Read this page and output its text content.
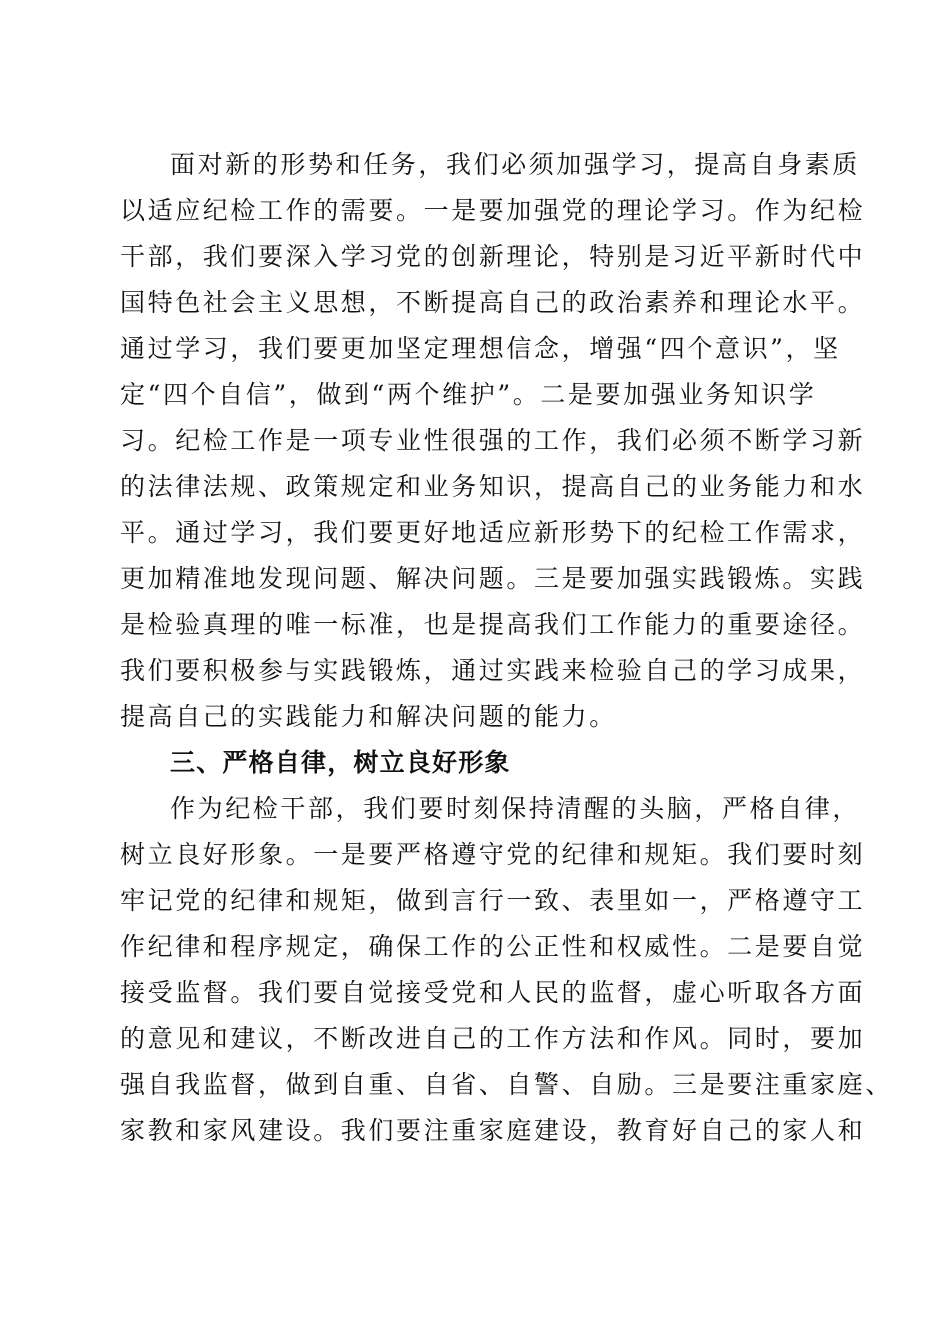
面对新的形势和任务，我们必须加强学习，提高自身素质
以适应纪检工作的需要。一是要加强党的理论学习。作为纪检
干部，我们要深入学习党的创新理论，特别是习近平新时代中
国特色社会主义思想，不断提高自己的政治素养和理论水平。
通过学习，我们要更加坚定理想信念，增强“四个意识”，坚
定“四个自信”，做到“两个维护”。二是要加强业务知识学
习。纪检工作是一项专业性很强的工作，我们必须不断学习新
的法律法规、政策规定和业务知识，提高自己的业务能力和水
平。通过学习，我们要更好地适应新形势下的纪检工作需求，
更加精准地发现问题、解决问题。三是要加强实践锻炼。实践
是检验真理的唯一标准，也是提高我们工作能力的重要途径。
我们要积极参与实践锻炼，通过实践来检验自己的学习成果，
提高自己的实践能力和解决问题的能力。
三、严格自律，树立良好形象
作为纪检干部，我们要时刻保持清醒的头脑，严格自律，
树立良好形象。一是要严格遵守党的纪律和规矩。我们要时刻
牢记党的纪律和规矩，做到言行一致、表里如一，严格遵守工
作纪律和程序规定，确保工作的公正性和权威性。二是要自觉
接受监督。我们要自觉接受党和人民的监督，虚心听取各方面
的意见和建议，不断改进自己的工作方法和作风。同时，要加
强自我监督，做到自重、自省、自警、自励。三是要注重家庭、
家教和家风建设。我们要注重家庭建设，教育好自己的家人和
